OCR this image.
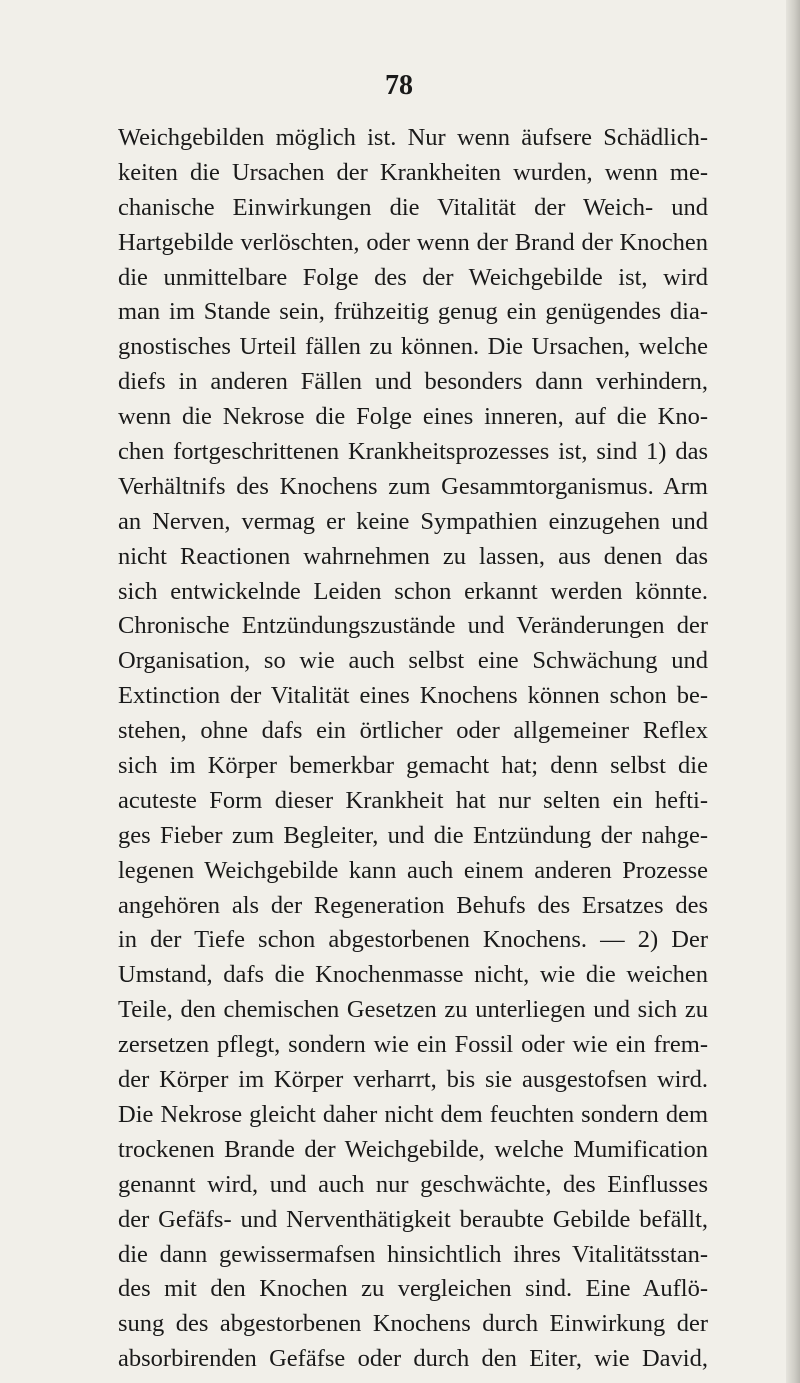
78
Weichgebilden möglich ist. Nur wenn äufsere Schädlich-
keiten die Ursachen der Krankheiten wurden, wenn me-
chanische Einwirkungen die Vitalität der Weich- und
Hartgebilde verlöschten, oder wenn der Brand der Knochen
die unmittelbare Folge des der Weichgebilde ist, wird
man im Stande sein, frühzeitig genug ein genügendes dia-
gnostisches Urteil fällen zu können. Die Ursachen, welche
diefs in anderen Fällen und besonders dann verhindern,
wenn die Nekrose die Folge eines inneren, auf die Kno-
chen fortgeschrittenen Krankheitsprozesses ist, sind 1) das
Verhältnifs des Knochens zum Gesammtorganismus. Arm
an Nerven, vermag er keine Sympathien einzugehen und
nicht Reactionen wahrnehmen zu lassen, aus denen das
sich entwickelnde Leiden schon erkannt werden könnte.
Chronische Entzündungszustände und Veränderungen der
Organisation, so wie auch selbst eine Schwächung und
Extinction der Vitalität eines Knochens können schon be-
stehen, ohne dafs ein örtlicher oder allgemeiner Reflex
sich im Körper bemerkbar gemacht hat; denn selbst die
acuteste Form dieser Krankheit hat nur selten ein hefti-
ges Fieber zum Begleiter, und die Entzündung der nahge-
legenen Weichgebilde kann auch einem anderen Prozesse
angehören als der Regeneration Behufs des Ersatzes des
in der Tiefe schon abgestorbenen Knochens. — 2) Der
Umstand, dafs die Knochenmasse nicht, wie die weichen
Teile, den chemischen Gesetzen zu unterliegen und sich zu
zersetzen pflegt, sondern wie ein Fossil oder wie ein frem-
der Körper im Körper verharrt, bis sie ausgestofsen wird.
Die Nekrose gleicht daher nicht dem feuchten sondern dem
trockenen Brande der Weichgebilde, welche Mumification
genannt wird, und auch nur geschwächte, des Einflusses
der Gefäfs- und Nerventhätigkeit beraubte Gebilde befällt,
die dann gewissermafsen hinsichtlich ihres Vitalitätsstan-
des mit den Knochen zu vergleichen sind. Eine Auflö-
sung des abgestorbenen Knochens durch Einwirkung der
absorbirenden Gefäfse oder durch den Eiter, wie David,
